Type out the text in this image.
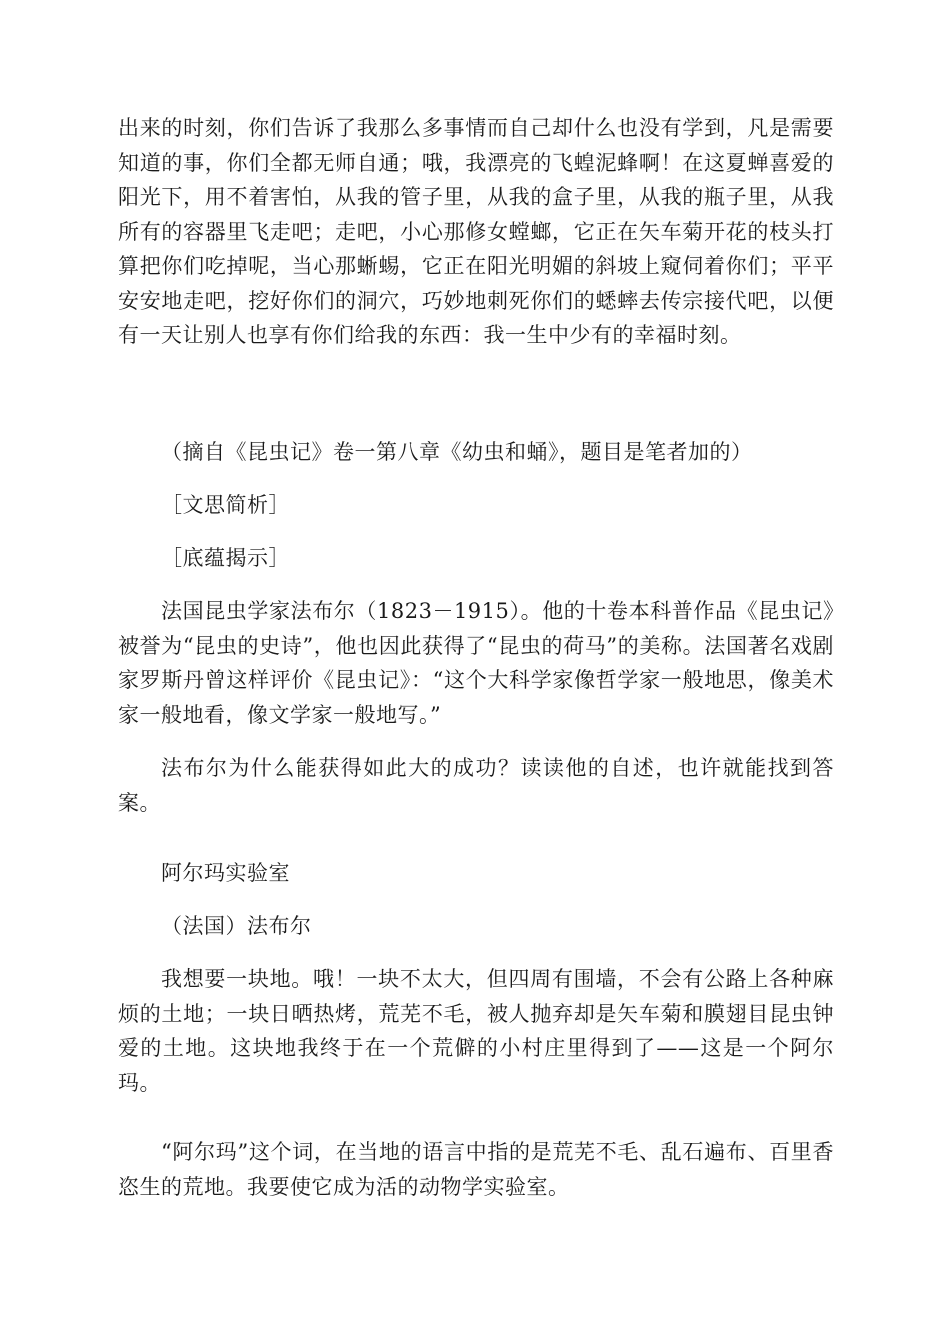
出来的时刻，你们告诉了我那么多事情而自己却什么也没有学到，凡是需要知道的事，你们全都无师自通；哦，我漂亮的飞蝗泥蜂啊！在这夏蝉喜爱的阳光下，用不着害怕，从我的管子里，从我的盒子里，从我的瓶子里，从我所有的容器里飞走吧；走吧，小心那修女螳螂，它正在矢车菊开花的枝头打算把你们吃掉呢，当心那蜥蜴，它正在阳光明媚的斜坡上窥伺着你们；平平安安地走吧，挖好你们的洞穴，巧妙地刺死你们的蟋蟀去传宗接代吧，以便有一天让别人也享有你们给我的东西：我一生中少有的幸福时刻。

（摘自《昆虫记》卷一第八章《幼虫和蛹》，题目是笔者加的）

［文思简析］

［底蕴揭示］

法国昆虫学家法布尔（1823－1915）。他的十卷本科普作品《昆虫记》被誉为“昆虫的史诗”，他也因此获得了“昆虫的荷马”的美称。法国著名戏剧家罗斯丹曾这样评价《昆虫记》：“这个大科学家像哲学家一般地思，像美术家一般地看，像文学家一般地写。”

法布尔为什么能获得如此大的成功？读读他的自述，也许就能找到答案。

阿尔玛实验室

（法国）法布尔

我想要一块地。哦！一块不太大，但四周有围墙，不会有公路上各种麻烦的土地；一块日晒热烤，荒芜不毛，被人抛弃却是矢车菊和膜翅目昆虫钟爱的土地。这块地我终于在一个荒僻的小村庄里得到了——这是一个阿尔玛。

“阿尔玛”这个词，在当地的语言中指的是荒芜不毛、乱石遍布、百里香恣生的荒地。我要使它成为活的动物学实验室。
